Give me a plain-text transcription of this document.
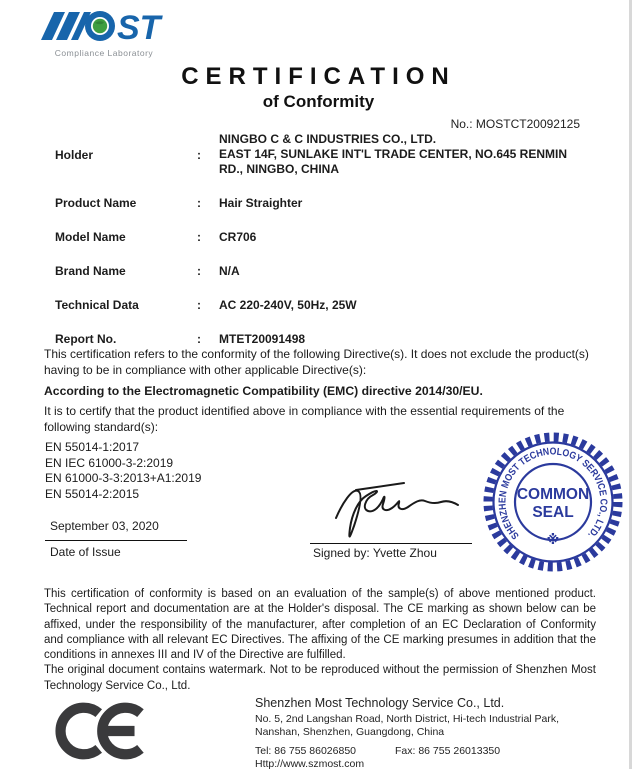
ST
Compliance Laboratory
CERTIFICATION
of Conformity
No.: MOSTCT20092125
Holder	:
NINGBO C & C INDUSTRIES CO., LTD.
EAST 14F, SUNLAKE INT'L TRADE CENTER, NO.645 RENMIN RD., NINGBO, CHINA
Product Name	:	Hair Straighter
Model Name	:	CR706
Brand Name	:	N/A
Technical Data	:	AC 220-240V, 50Hz, 25W
Report No.	:	MTET20091498
This certification refers to the conformity of the following Directive(s). It does not exclude the product(s) having to be in compliance with other applicable Directive(s):
According to the Electromagnetic Compatibility (EMC) directive 2014/30/EU.
It is to certify that the product identified above in compliance with the essential requirements of the following standard(s):
EN 55014-1:2017
EN IEC 61000-3-2:2019
EN 61000-3-3:2013+A1:2019
EN 55014-2:2015
September 03, 2020
Date of Issue	Signed by: Yvette Zhou
SHENZHEN MOST TECHNOLOGY SERVICE CO., LTD.
COMMON
SEAL
※
This certification of conformity is based on an evaluation of the sample(s) of above mentioned product. Technical report and documentation are at the Holder's disposal. The CE marking as shown below can be affixed, under the responsibility of the manufacturer, after completion of an EC Declaration of Conformity and compliance with all relevant EC Directives. The affixing of the CE marking presumes in addition that the conditions in annexes III and IV of the Directive are fulfilled.
The original document contains watermark. Not to be reproduced without the permission of Shenzhen Most Technology Service Co., Ltd.
Shenzhen Most Technology Service Co., Ltd.
No. 5, 2nd Langshan Road, North District, Hi-tech Industrial Park,
Nanshan, Shenzhen, Guangdong, China
Tel: 86 755 86026850	Fax: 86 755 26013350
Http://www.szmost.com
